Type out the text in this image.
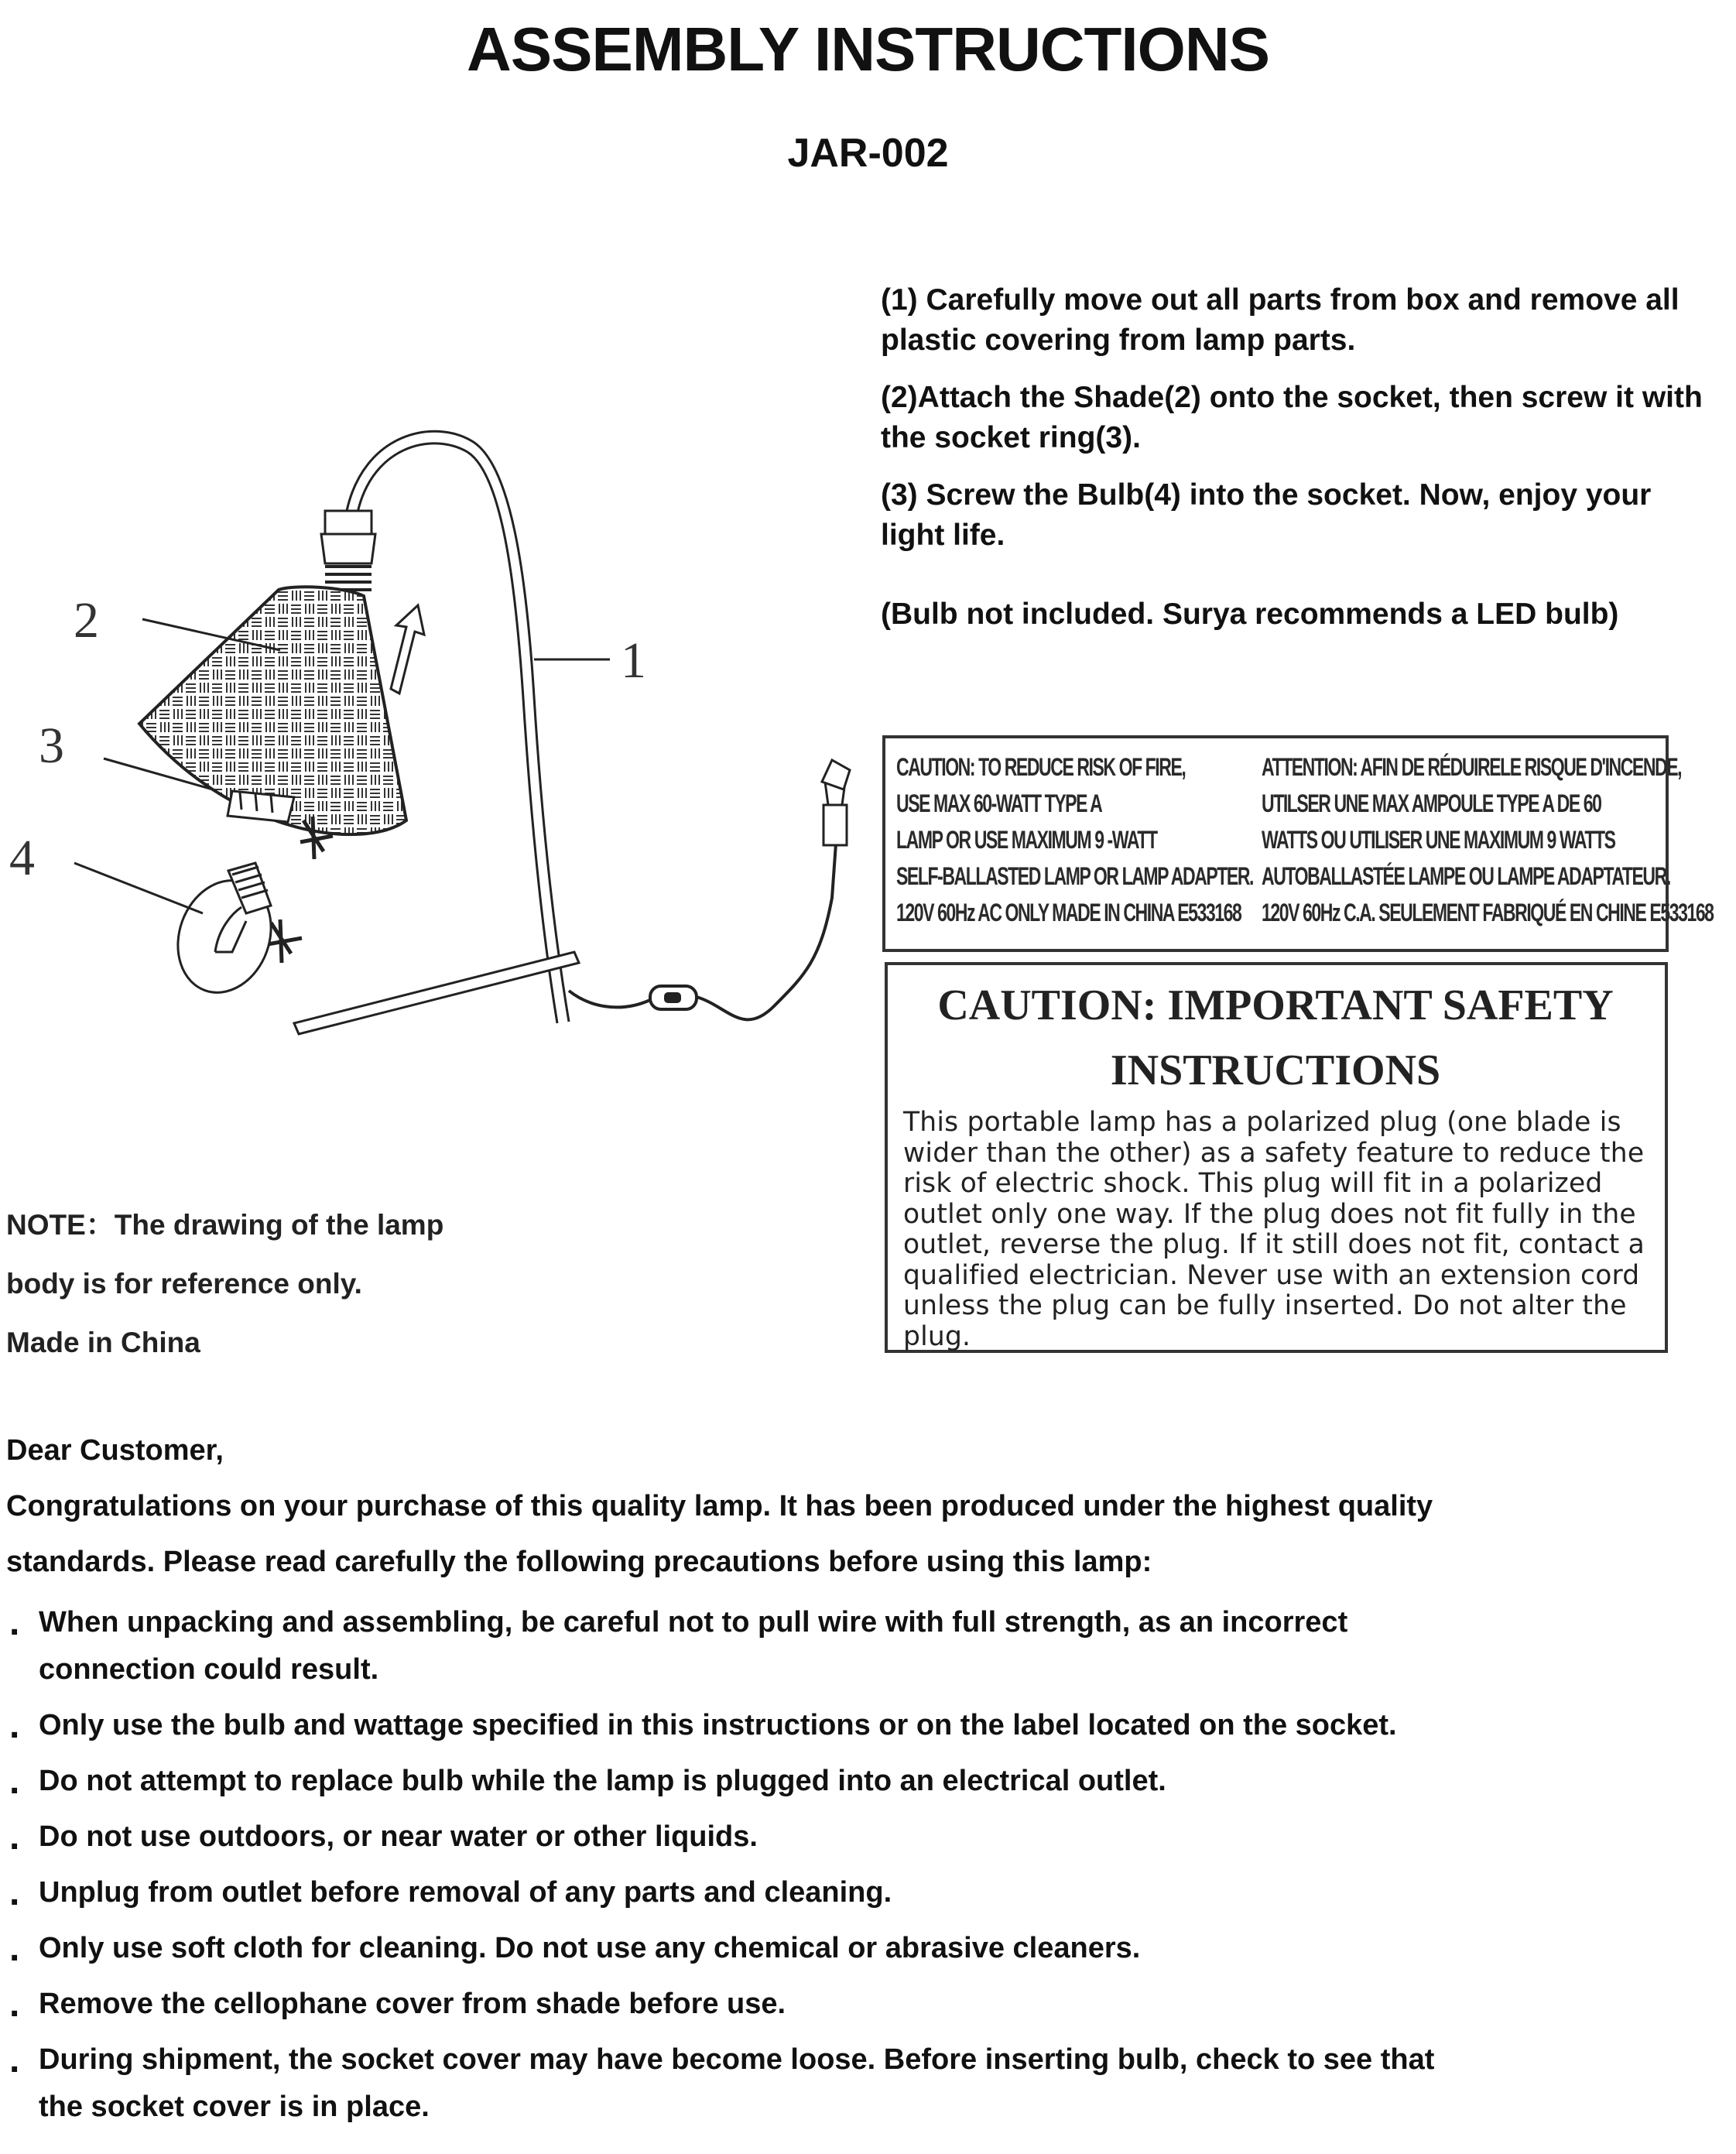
ASSEMBLY INSTRUCTIONS
JAR-002

(1) Carefully move out all parts from box and remove all plastic covering from lamp parts.

(2)Attach the Shade(2) onto the socket, then screw it with the socket ring(3).

(3) Screw the Bulb(4) into the socket. Now, enjoy your light life.

(Bulb not included. Surya recommends a LED bulb)

2
3
4
1
CAUTION: TO REDUCE RISK OF FIRE,
USE MAX 60-WATT TYPE A
LAMP OR USE MAXIMUM 9 -WATT
SELF-BALLASTED LAMP OR LAMP ADAPTER.
120V 60Hz AC ONLY MADE IN CHINA E533168
ATTENTION: AFIN DE RÉDUIRELE RISQUE D'INCENDE,
UTILSER UNE MAX AMPOULE TYPE A DE 60
WATTS OU UTILISER UNE MAXIMUM 9 WATTS
AUTOBALLASTÉE LAMPE OU LAMPE ADAPTATEUR.
120V 60Hz C.A. SEULEMENT FABRIQUÉ EN CHINE E533168
CAUTION: IMPORTANT SAFETY
INSTRUCTIONS
This portable lamp has a polarized plug (one blade is wider than the other) as a safety feature to reduce the risk of electric shock. This plug will fit in a polarized outlet only one way. If the plug does not fit fully in the outlet, reverse the plug. If it still does not fit, contact a qualified electrician. Never use with an extension cord unless the plug can be fully inserted. Do not alter the plug.
NOTE：The drawing of the lamp
body is for reference only.
Made in China
Dear Customer,
Congratulations on your purchase of this quality lamp. It has been produced under the highest quality standards. Please read carefully the following precautions before using this lamp:
. When unpacking and assembling, be careful not to pull wire with full strength, as an incorrect connection could result.
. Only use the bulb and wattage specified in this instructions or on the label located on the socket.
. Do not attempt to replace bulb while the lamp is plugged into an electrical outlet.
. Do not use outdoors, or near water or other liquids.
. Unplug from outlet before removal of any parts and cleaning.
. Only use soft cloth for cleaning. Do not use any chemical or abrasive cleaners.
. Remove the cellophane cover from shade before use.
. During shipment, the socket cover may have become loose. Before inserting bulb, check to see that the socket cover is in place.
